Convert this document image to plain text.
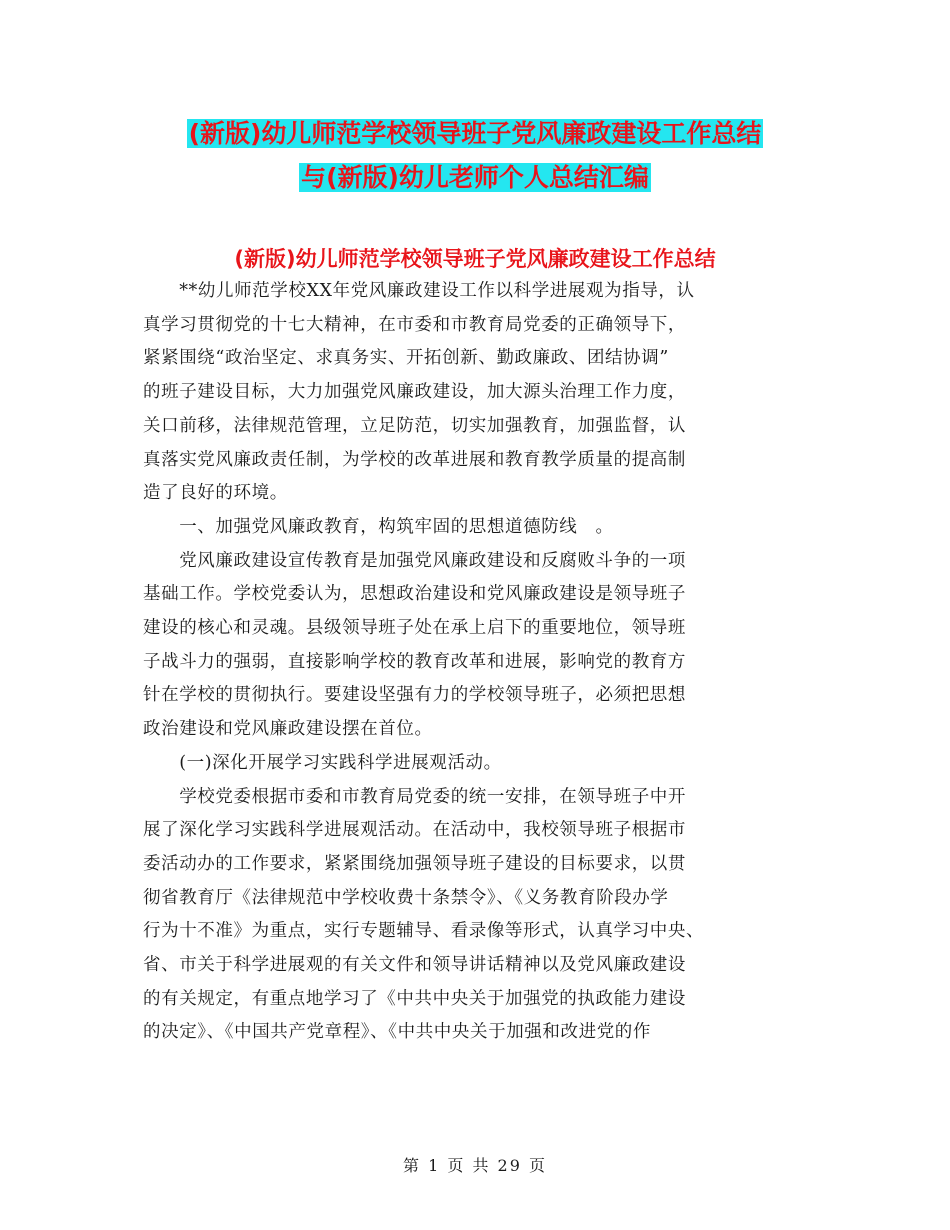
(新版)幼儿师范学校领导班子党风廉政建设工作总结
与(新版)幼儿老师个人总结汇编
(新版)幼儿师范学校领导班子党风廉政建设工作总结

　　**幼儿师范学校XX年党风廉政建设工作以科学进展观为指导，认

真学习贯彻党的十七大精神，在市委和市教育局党委的正确领导下，

紧紧围绕“政治坚定、求真务实、开拓创新、勤政廉政、团结协调”

的班子建设目标，大力加强党风廉政建设，加大源头治理工作力度，

关口前移，法律规范管理，立足防范，切实加强教育，加强监督，认

真落实党风廉政责任制，为学校的改革进展和教育教学质量的提高制

造了良好的环境。

　　一、加强党风廉政教育，构筑牢固的思想道德防线　。

　　党风廉政建设宣传教育是加强党风廉政建设和反腐败斗争的一项

基础工作。学校党委认为，思想政治建设和党风廉政建设是领导班子

建设的核心和灵魂。县级领导班子处在承上启下的重要地位，领导班

子战斗力的强弱，直接影响学校的教育改革和进展，影响党的教育方

针在学校的贯彻执行。要建设坚强有力的学校领导班子，必须把思想

政治建设和党风廉政建设摆在首位。

　　(一)深化开展学习实践科学进展观活动。

　　学校党委根据市委和市教育局党委的统一安排，在领导班子中开

展了深化学习实践科学进展观活动。在活动中，我校领导班子根据市

委活动办的工作要求，紧紧围绕加强领导班子建设的目标要求，以贯

彻省教育厅《法律规范中学校收费十条禁令》、《义务教育阶段办学

行为十不准》为重点，实行专题辅导、看录像等形式，认真学习中央、

省、市关于科学进展观的有关文件和领导讲话精神以及党风廉政建设

的有关规定，有重点地学习了《中共中央关于加强党的执政能力建设

的决定》、《中国共产党章程》、《中共中央关于加强和改进党的作

第 1 页 共 29 页
